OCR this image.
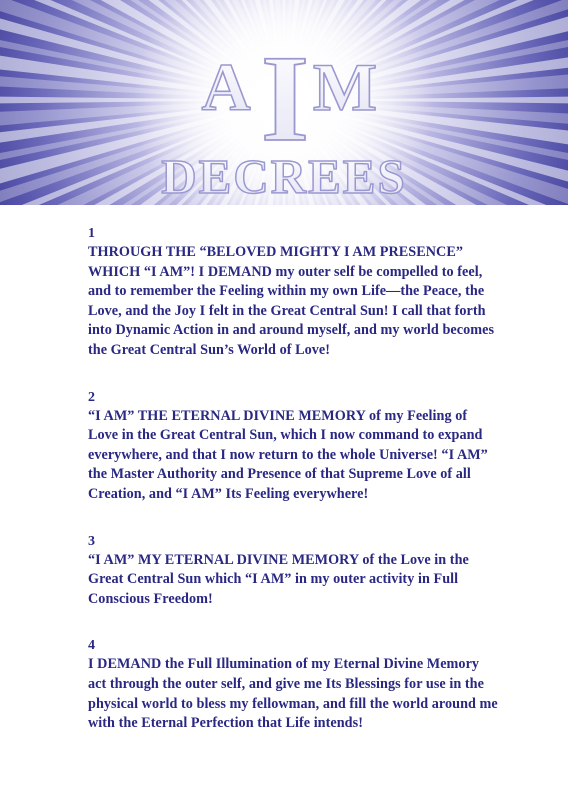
A I M
DECREES
1
THROUGH THE “BELOVED MIGHTY I AM PRESENCE” WHICH “I AM”! I DEMAND my outer self be compelled to feel, and to remember the Feeling within my own Life—the Peace, the Love, and the Joy I felt in the Great Central Sun! I call that forth into Dynamic Action in and around myself, and my world becomes the Great Central Sun’s World of Love!
2
“I AM” THE ETERNAL DIVINE MEMORY of my Feeling of Love in the Great Central Sun, which I now command to expand everywhere, and that I now return to the whole Universe! “I AM” the Master Authority and Presence of that Supreme Love of all Creation, and “I AM” Its Feeling everywhere!
3
“I AM” MY ETERNAL DIVINE MEMORY of the Love in the Great Central Sun which “I AM” in my outer activity in Full Conscious Freedom!
4
I DEMAND the Full Illumination of my Eternal Divine Memory act through the outer self, and give me Its Blessings for use in the physical world to bless my fellowman, and fill the world around me with the Eternal Perfection that Life intends!
